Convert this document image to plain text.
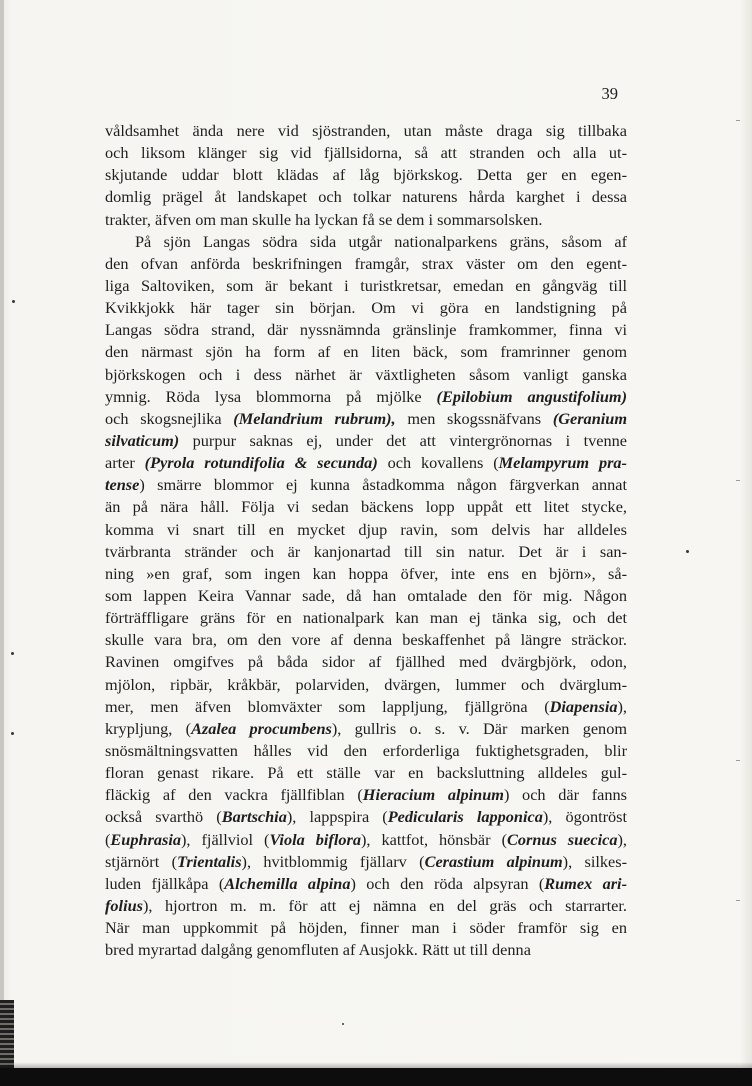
39
våldsamhet ända nere vid sjöstranden, utan måste draga sig tillbaka
och liksom klänger sig vid fjällsidorna, så att stranden och alla ut-
skjutande uddar blott klädas af låg björkskog. Detta ger en egen-
domlig prägel åt landskapet och tolkar naturens hårda karghet i dessa
trakter, äfven om man skulle ha lyckan få se dem i sommarsolsken.
På sjön Langas södra sida utgår nationalparkens gräns, såsom af
den ofvan anförda beskrifningen framgår, strax väster om den egent-
liga Saltoviken, som är bekant i turistkretsar, emedan en gångväg till
Kvikkjokk här tager sin början. Om vi göra en landstigning på
Langas södra strand, där nyssnämnda gränslinje framkommer, finna vi
den närmast sjön ha form af en liten bäck, som framrinner genom
björkskogen och i dess närhet är växtligheten såsom vanligt ganska
ymnig. Röda lysa blommorna på mjölke (Epilobium angustifolium)
och skogsnejlika (Melandrium rubrum), men skogssnäfvans (Geranium
silvaticum) purpur saknas ej, under det att vintergrönornas i tvenne
arter (Pyrola rotundifolia & secunda) och kovallens (Melampyrum pra-
tense) smärre blommor ej kunna åstadkomma någon färgverkan annat
än på nära håll. Följa vi sedan bäckens lopp uppåt ett litet stycke,
komma vi snart till en mycket djup ravin, som delvis har alldeles
tvärbranta stränder och är kanjonartad till sin natur. Det är i san-
ning »en graf, som ingen kan hoppa öfver, inte ens en björn», så-
som lappen Keira Vannar sade, då han omtalade den för mig. Någon
förträffligare gräns för en nationalpark kan man ej tänka sig, och det
skulle vara bra, om den vore af denna beskaffenhet på längre sträckor.
Ravinen omgifves på båda sidor af fjällhed med dvärgbjörk, odon,
mjölon, ripbär, kråkbär, polarviden, dvärgen, lummer och dvärglum-
mer, men äfven blomväxter som lappljung, fjällgröna (Diapensia),
krypljung, (Azalea procumbens), gullris o. s. v. Där marken genom
snösmältningsvatten hålles vid den erforderliga fuktighetsgraden, blir
floran genast rikare. På ett ställe var en backsluttning alldeles gul-
fläckig af den vackra fjällfiblan (Hieracium alpinum) och där fanns
också svarthö (Bartschia), lappspira (Pedicularis lapponica), ögontröst
(Euphrasia), fjällviol (Viola biflora), kattfot, hönsbär (Cornus suecica),
stjärnört (Trientalis), hvitblommig fjällarv (Cerastium alpinum), silkes-
luden fjällkåpa (Alchemilla alpina) och den röda alpsyran (Rumex ari-
folius), hjortron m. m. för att ej nämna en del gräs och starrarter.
När man uppkommit på höjden, finner man i söder framför sig en
bred myrartad dalgång genomfluten af Ausjokk. Rätt ut till denna
